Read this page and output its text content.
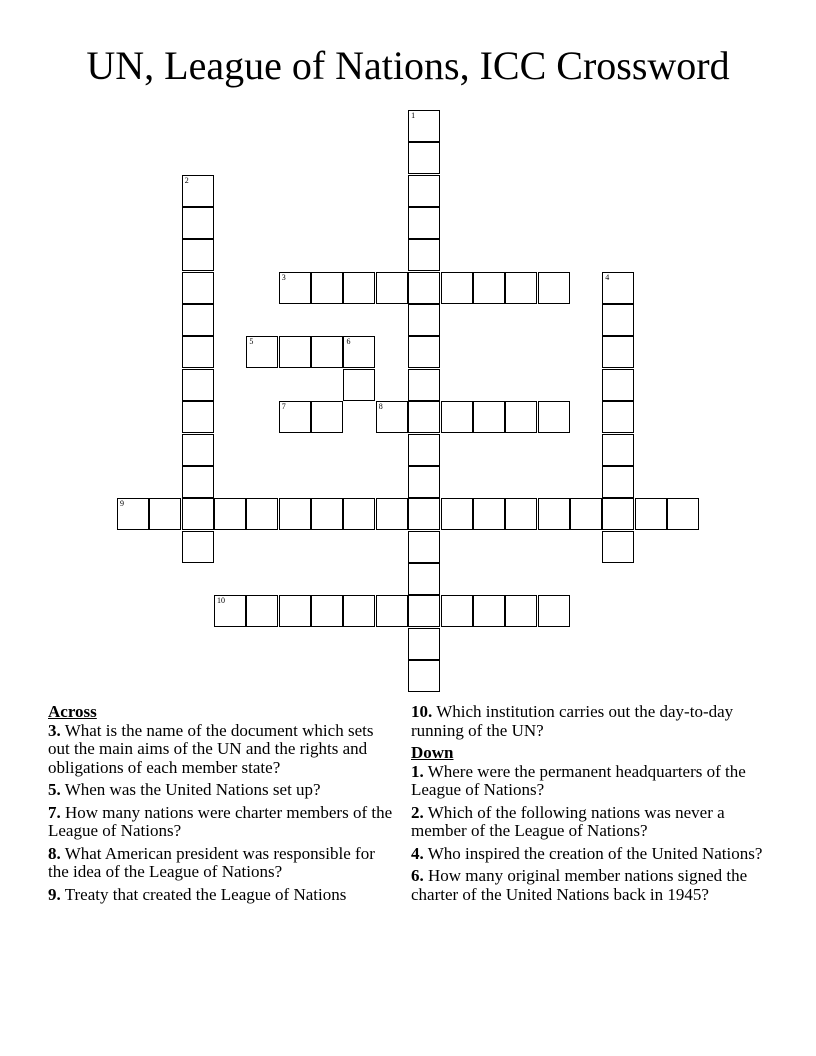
UN, League of Nations, ICC Crossword
1
2
3	4
5	6
7	8
9
10
Across
3. What is the name of the document which sets out the main aims of the UN and the rights and obligations of each member state?
5. When was the United Nations set up?
7. How many nations were charter members of the League of Nations?
8. What American president was responsible for the idea of the League of Nations?
9. Treaty that created the League of Nations
10. Which institution carries out the day-to-day running of the UN?
Down
1. Where were the permanent headquarters of the League of Nations?
2. Which of the following nations was never a member of the League of Nations?
4. Who inspired the creation of the United Nations?
6. How many original member nations signed the charter of the United Nations back in 1945?
